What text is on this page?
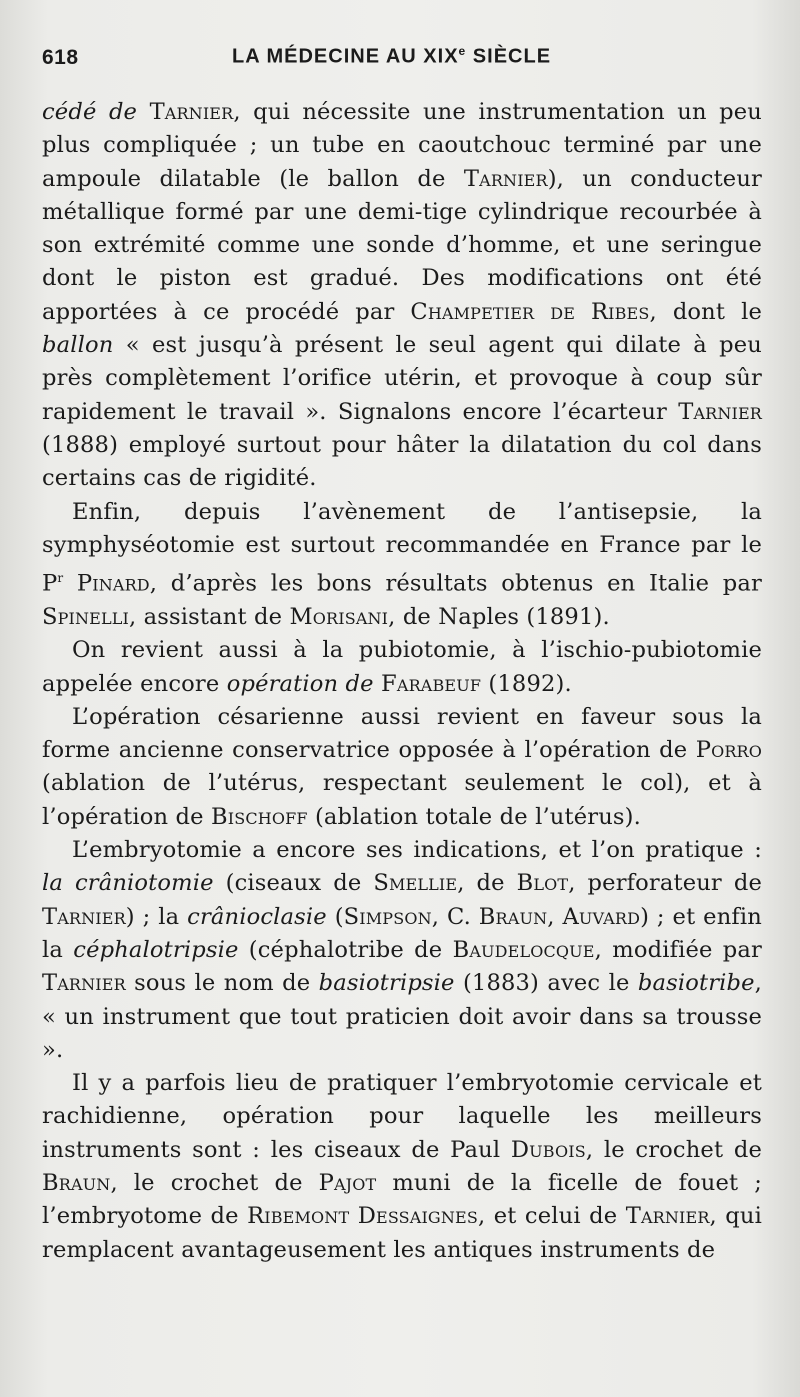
618	LA MÉDECINE AU XIXe SIÈCLE

cédé de Tarnier, qui nécessite une instrumentation un peu plus compliquée ; un tube en caoutchouc terminé par une ampoule dilatable (le ballon de Tarnier), un conducteur métallique formé par une demi-tige cylindrique recourbée à son extrémité comme une sonde d’homme, et une seringue dont le piston est gradué. Des modifications ont été apportées à ce procédé par Champetier de Ribes, dont le ballon « est jusqu’à présent le seul agent qui dilate à peu près complètement l’orifice utérin, et provoque à coup sûr rapidement le travail ». Signalons encore l’écarteur Tarnier (1888) employé surtout pour hâter la dilatation du col dans certains cas de rigidité.

Enfin, depuis l’avènement de l’antisepsie, la symphyséotomie est surtout recommandée en France par le $P^r$ Pinard, d’après les bons résultats obtenus en Italie par Spinelli, assistant de Morisani, de Naples (1891).

On revient aussi à la pubiotomie, à l’ischio-pubiotomie appelée encore opération de Farabeuf (1892).

L’opération césarienne aussi revient en faveur sous la forme ancienne conservatrice opposée à l’opération de Porro (ablation de l’utérus, respectant seulement le col), et à l’opération de Bischoff (ablation totale de l’utérus).

L’embryotomie a encore ses indications, et l’on pratique : la crâniotomie (ciseaux de Smellie, de Blot, perforateur de Tarnier) ; la crânioclasie (Simpson, C. Braun, Auvard) ; et enfin la céphalotripsie (céphalotribe de Baudelocque, modifiée par Tarnier sous le nom de basiotripsie (1883) avec le basiotribe, « un instrument que tout praticien doit avoir dans sa trousse ».

Il y a parfois lieu de pratiquer l’embryotomie cervicale et rachidienne, opération pour laquelle les meilleurs instruments sont : les ciseaux de Paul Dubois, le crochet de Braun, le crochet de Pajot muni de la ficelle de fouet ; l’embryotome de Ribemont Dessaignes, et celui de Tarnier, qui remplacent avantageusement les antiques instruments de
